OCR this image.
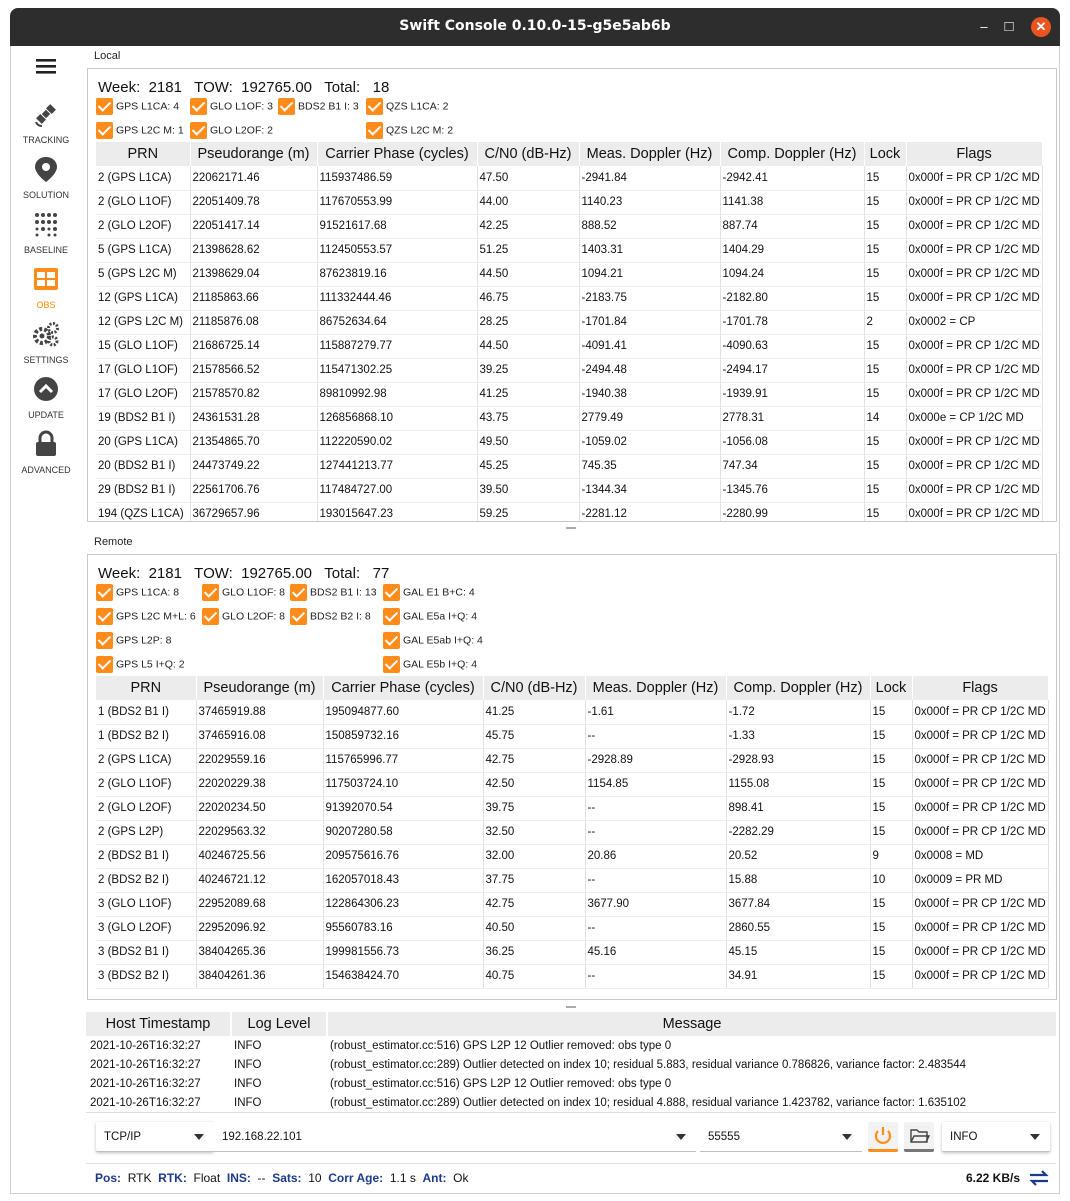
Swift Console 0.10.0-15-g5e5ab6b	–	□	✕
TRACKING
SOLUTION
BASELINE
OBS
SETTINGS
UPDATE
ADVANCED
Local
Week:  2181   TOW:  192765.00   Total:   18
GPS L1CA: 4	GLO L1OF: 3	BDS2 B1 I: 3	QZS L1CA: 2
GPS L2C M: 1	GLO L2OF: 2	QZS L2C M: 2
PRN	Pseudorange (m)	Carrier Phase (cycles)	C/N0 (dB-Hz)	Meas. Doppler (Hz)	Comp. Doppler (Hz)	Lock	Flags
2 (GPS L1CA)	22062171.46	115937486.59	47.50	-2941.84	-2942.41	15	0x000f = PR CP 1/2C MD
2 (GLO L1OF)	22051409.78	117670553.99	44.00	1140.23	1141.38	15	0x000f = PR CP 1/2C MD
2 (GLO L2OF)	22051417.14	91521617.68	42.25	888.52	887.74	15	0x000f = PR CP 1/2C MD
5 (GPS L1CA)	21398628.62	112450553.57	51.25	1403.31	1404.29	15	0x000f = PR CP 1/2C MD
5 (GPS L2C M)	21398629.04	87623819.16	44.50	1094.21	1094.24	15	0x000f = PR CP 1/2C MD
12 (GPS L1CA)	21185863.66	111332444.46	46.75	-2183.75	-2182.80	15	0x000f = PR CP 1/2C MD
12 (GPS L2C M)	21185876.08	86752634.64	28.25	-1701.84	-1701.78	2	0x0002 = CP
15 (GLO L1OF)	21686725.14	115887279.77	44.50	-4091.41	-4090.63	15	0x000f = PR CP 1/2C MD
17 (GLO L1OF)	21578566.52	115471302.25	39.25	-2494.48	-2494.17	15	0x000f = PR CP 1/2C MD
17 (GLO L2OF)	21578570.82	89810992.98	41.25	-1940.38	-1939.91	15	0x000f = PR CP 1/2C MD
19 (BDS2 B1 I)	24361531.28	126856868.10	43.75	2779.49	2778.31	14	0x000e = CP 1/2C MD
20 (GPS L1CA)	21354865.70	112220590.02	49.50	-1059.02	-1056.08	15	0x000f = PR CP 1/2C MD
20 (BDS2 B1 I)	24473749.22	127441213.77	45.25	745.35	747.34	15	0x000f = PR CP 1/2C MD
29 (BDS2 B1 I)	22561706.76	117484727.00	39.50	-1344.34	-1345.76	15	0x000f = PR CP 1/2C MD
194 (QZS L1CA)	36729657.96	193015647.23	59.25	-2281.12	-2280.99	15	0x000f = PR CP 1/2C MD
Remote
Week:  2181   TOW:  192765.00   Total:   77
GPS L1CA: 8	GLO L1OF: 8	BDS2 B1 I: 13	GAL E1 B+C: 4
GPS L2C M+L: 6	GLO L2OF: 8	BDS2 B2 I: 8	GAL E5a I+Q: 4
GPS L2P: 8	GAL E5ab I+Q: 4
GPS L5 I+Q: 2	GAL E5b I+Q: 4
PRN	Pseudorange (m)	Carrier Phase (cycles)	C/N0 (dB-Hz)	Meas. Doppler (Hz)	Comp. Doppler (Hz)	Lock	Flags
1 (BDS2 B1 I)	37465919.88	195094877.60	41.25	-1.61	-1.72	15	0x000f = PR CP 1/2C MD
1 (BDS2 B2 I)	37465916.08	150859732.16	45.75	--	-1.33	15	0x000f = PR CP 1/2C MD
2 (GPS L1CA)	22029559.16	115765996.77	42.75	-2928.89	-2928.93	15	0x000f = PR CP 1/2C MD
2 (GLO L1OF)	22020229.38	117503724.10	42.50	1154.85	1155.08	15	0x000f = PR CP 1/2C MD
2 (GLO L2OF)	22020234.50	91392070.54	39.75	--	898.41	15	0x000f = PR CP 1/2C MD
2 (GPS L2P)	22029563.32	90207280.58	32.50	--	-2282.29	15	0x000f = PR CP 1/2C MD
2 (BDS2 B1 I)	40246725.56	209575616.76	32.00	20.86	20.52	9	0x0008 = MD
2 (BDS2 B2 I)	40246721.12	162057018.43	37.75	--	15.88	10	0x0009 = PR MD
3 (GLO L1OF)	22952089.68	122864306.23	42.75	3677.90	3677.84	15	0x000f = PR CP 1/2C MD
3 (GLO L2OF)	22952096.92	95560783.16	40.50	--	2860.55	15	0x000f = PR CP 1/2C MD
3 (BDS2 B1 I)	38404265.36	199981556.73	36.25	45.16	45.15	15	0x000f = PR CP 1/2C MD
3 (BDS2 B2 I)	38404261.36	154638424.70	40.75	--	34.91	15	0x000f = PR CP 1/2C MD
Host Timestamp	Log Level	Message
2021-10-26T16:32:27	INFO	(robust_estimator.cc:516) GPS L2P 12 Outlier removed: obs type 0
2021-10-26T16:32:27	INFO	(robust_estimator.cc:289) Outlier detected on index 10; residual 5.883, residual variance 0.786826, variance factor: 2.483544
2021-10-26T16:32:27	INFO	(robust_estimator.cc:516) GPS L2P 12 Outlier removed: obs type 0
2021-10-26T16:32:27	INFO	(robust_estimator.cc:289) Outlier detected on index 10; residual 4.888, residual variance 1.423782, variance factor: 1.635102
TCP/IP	192.168.22.101	55555	INFO
Pos: RTK RTK: Float INS: -- Sats: 10 Corr Age: 1.1 s Ant: Ok	6.22 KB/s
